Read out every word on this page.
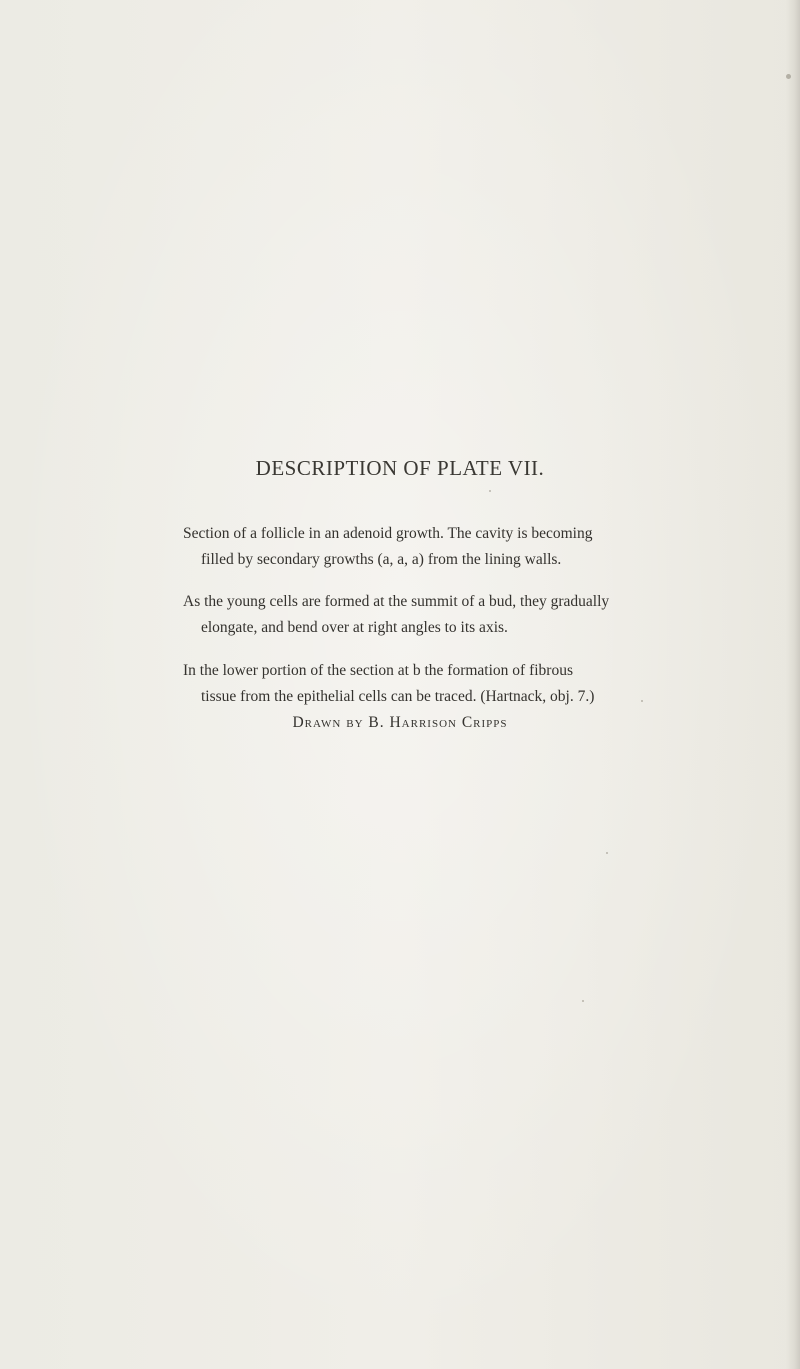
DESCRIPTION OF PLATE VII.
Section of a follicle in an adenoid growth. The cavity is becoming
filled by secondary growths (a, a, a) from the lining walls.
As the young cells are formed at the summit of a bud, they gradually
elongate, and bend over at right angles to its axis.
In the lower portion of the section at b the formation of fibrous
tissue from the epithelial cells can be traced. (Hartnack, obj. 7.)
Drawn by B. Harrison Cripps
